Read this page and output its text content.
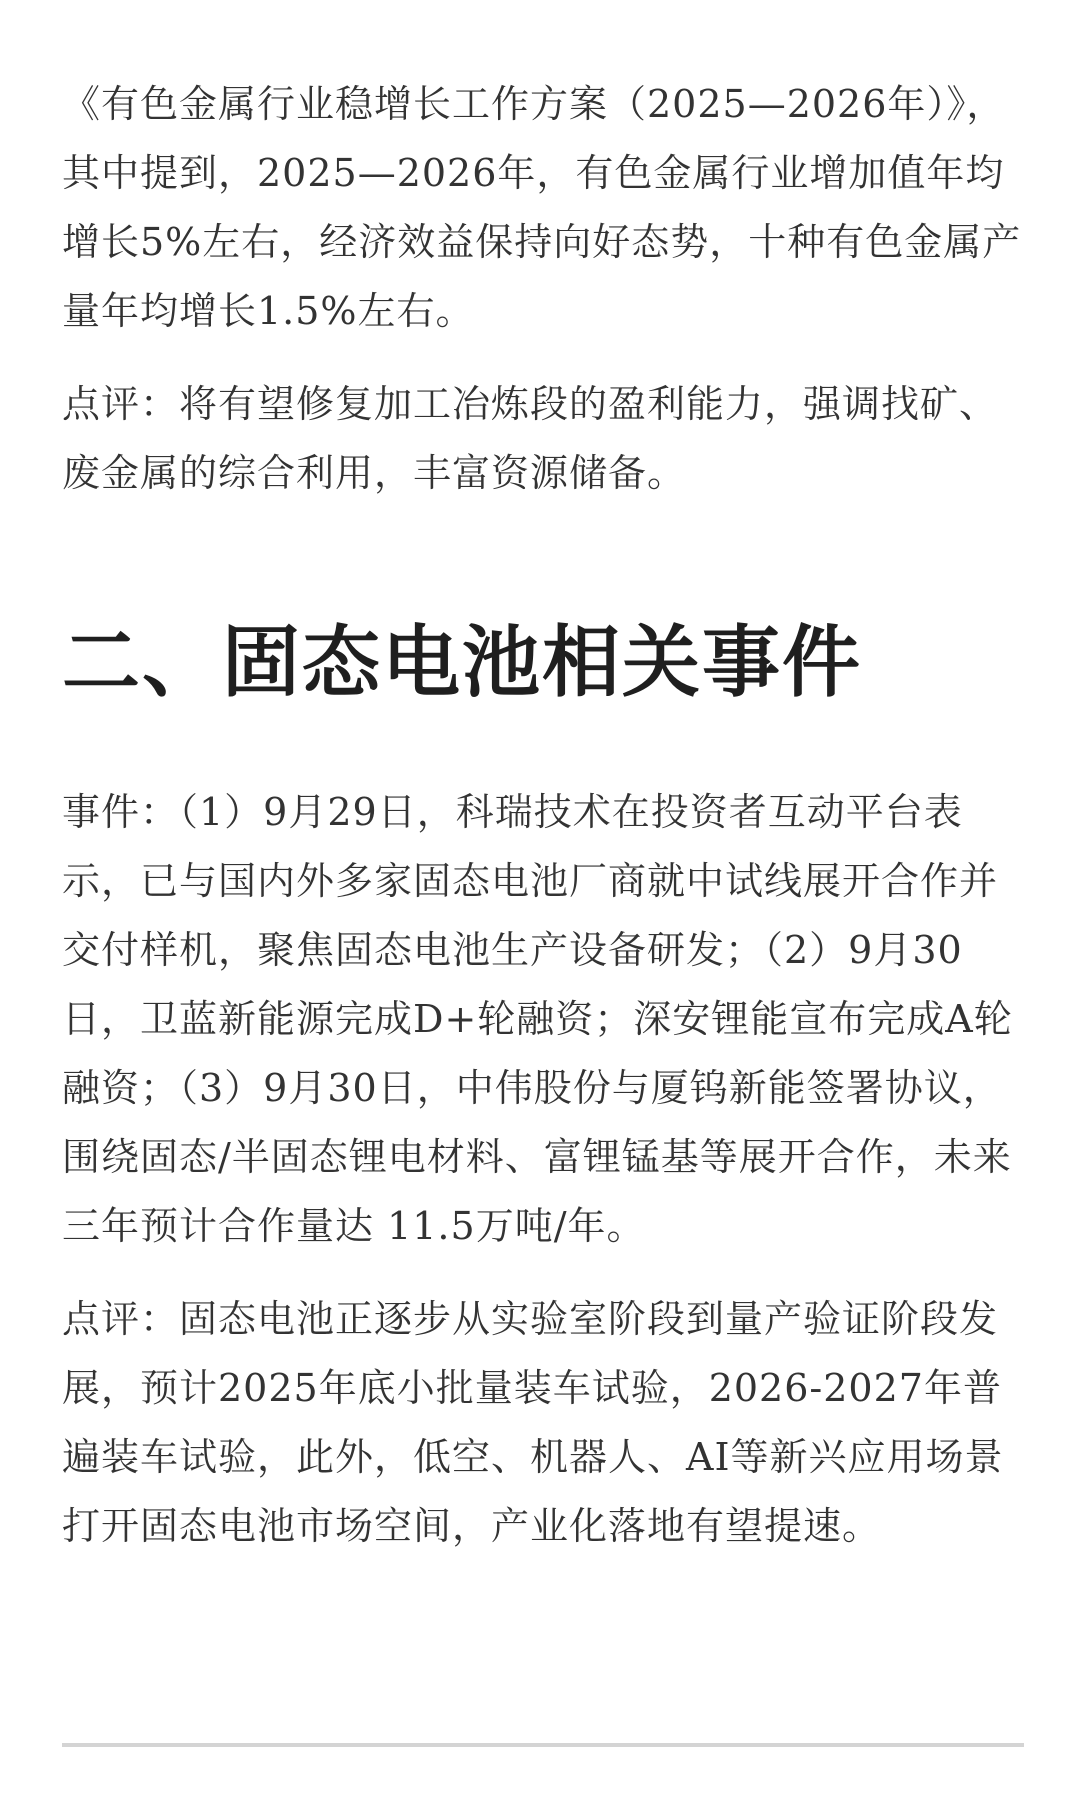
《有色金属行业稳增长工作方案（2025—2026年）》，其中提到，2025—2026年，有色金属行业增加值年均增长5%左右，经济效益保持向好态势，十种有色金属产量年均增长1.5%左右。

点评：将有望修复加工冶炼段的盈利能力，强调找矿、废金属的综合利用，丰富资源储备。

二、固态电池相关事件

事件：（1）9月29日，科瑞技术在投资者互动平台表示，已与国内外多家固态电池厂商就中试线展开合作并交付样机，聚焦固态电池生产设备研发；（2）9月30日，卫蓝新能源完成D+轮融资；深安锂能宣布完成A轮融资；（3）9月30日，中伟股份与厦钨新能签署协议，围绕固态/半固态锂电材料、富锂锰基等展开合作，未来三年预计合作量达 11.5万吨/年。

点评：固态电池正逐步从实验室阶段到量产验证阶段发展，预计2025年底小批量装车试验，2026-2027年普遍装车试验，此外，低空、机器人、AI等新兴应用场景打开固态电池市场空间，产业化落地有望提速。
